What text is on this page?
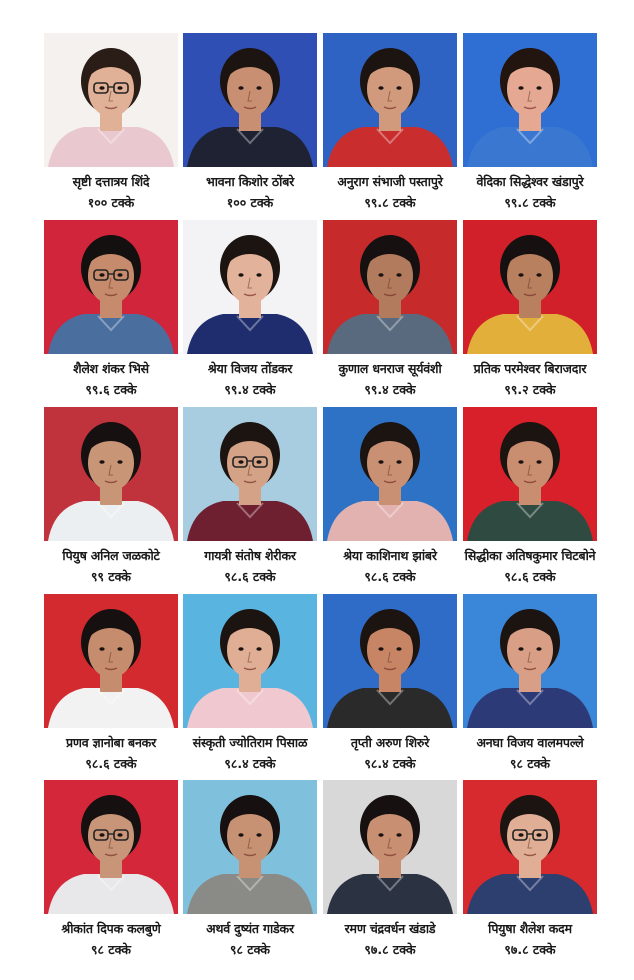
सृष्टी दत्तात्रय शिंदे
१०० टक्के
भावना किशोर ठोंबरे
१०० टक्के
अनुराग संभाजी पस्तापुरे
९९.८ टक्के
वेदिका सिद्धेश्वर खंडापुरे
९९.८ टक्के
शैलेश शंकर भिसे
९९.६ टक्के
श्रेया विजय तोंडकर
९९.४ टक्के
कुणाल धनराज सूर्यवंशी
९९.४ टक्के
प्रतिक परमेश्वर बिराजदार
९९.२ टक्के
पियुष अनिल जळकोटे
९९ टक्के
गायत्री संतोष शेरीकर
९८.६ टक्के
श्रेया काशिनाथ झांबरे
९८.६ टक्के
सिद्धीका अतिषकुमार चिटबोने
९८.६ टक्के
प्रणव ज्ञानोबा बनकर
९८.६ टक्के
संस्कृती ज्योतिराम पिसाळ
९८.४ टक्के
तृप्ती अरुण शिरुरे
९८.४ टक्के
अनघा विजय वालमपल्ले
९८ टक्के
श्रीकांत दिपक कलबुणे
९८ टक्के
अथर्व दुष्यंत गाडेकर
९८ टक्के
रमण चंद्रवर्धन खंडाडे
९७.८ टक्के
पियुषा शैलेश कदम
९७.८ टक्के
